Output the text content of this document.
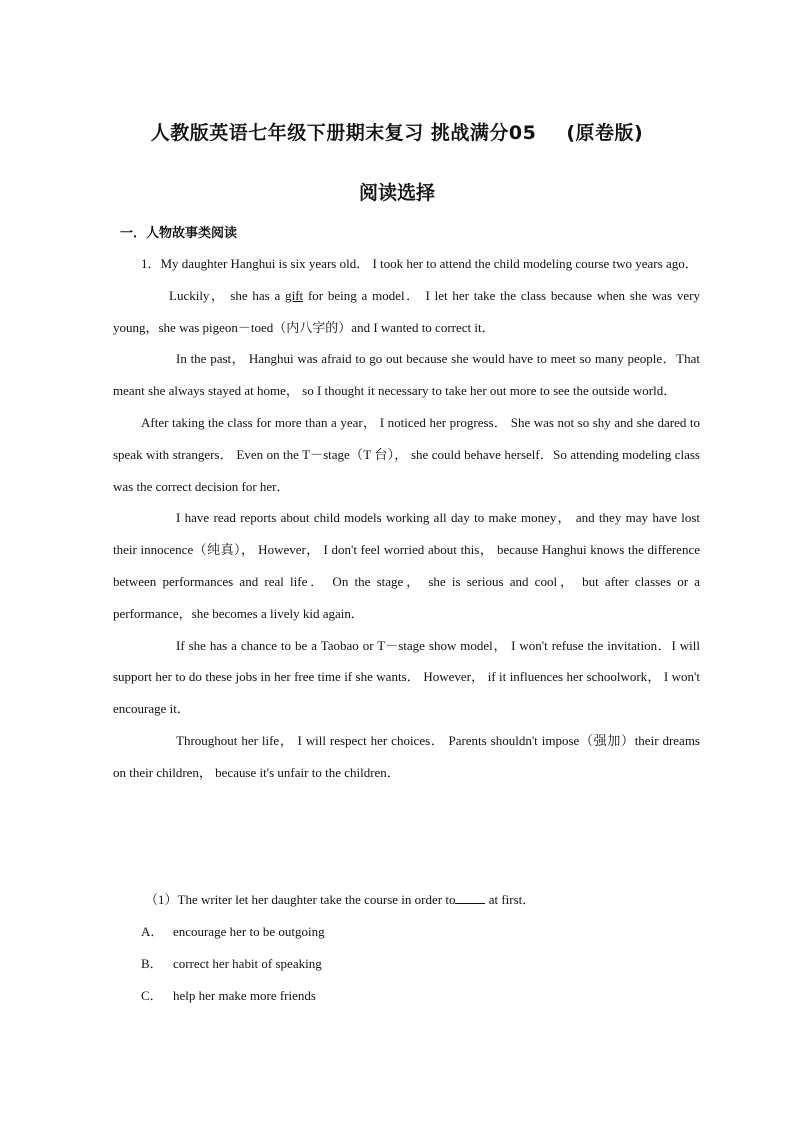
人教版英语七年级下册期末复习 挑战满分05 (原卷版)
阅读选择
一．人物故事类阅读

1．My daughter Hanghui is six years old． I took her to attend the child modeling course two years ago．

Luckily， she has a gift for being a model． I let her take the class because when she was very young，she was pigeon－toed（内八字的）and I wanted to correct it．

In the past， Hanghui was afraid to go out because she would have to meet so many people．That meant she always stayed at home， so I thought it necessary to take her out more to see the outside world．

After taking the class for more than a year， I noticed her progress． She was not so shy and she dared to speak with strangers． Even on the T－stage（T 台）， she could behave herself．So attending modeling class was the correct decision for her．

I have read reports about child models working all day to make money， and they may have lost their innocence（纯真）， However， I don't feel worried about this， because Hanghui knows the difference between performances and real life． On the stage， she is serious and cool， but after classes or a performance，she becomes a lively kid again．

If she has a chance to be a Taobao or T－stage show model， I won't refuse the invitation．I will support her to do these jobs in her free time if she wants． However， if it influences her schoolwork， I won't encourage it．

Throughout her life， I will respect her choices． Parents shouldn't impose（强加）their dreams on their children， because it's unfair to the children．

（1）The writer let her daughter take the course in order to at first．

A． encourage her to be outgoing

B． correct her habit of speaking

C． help her make more friends
